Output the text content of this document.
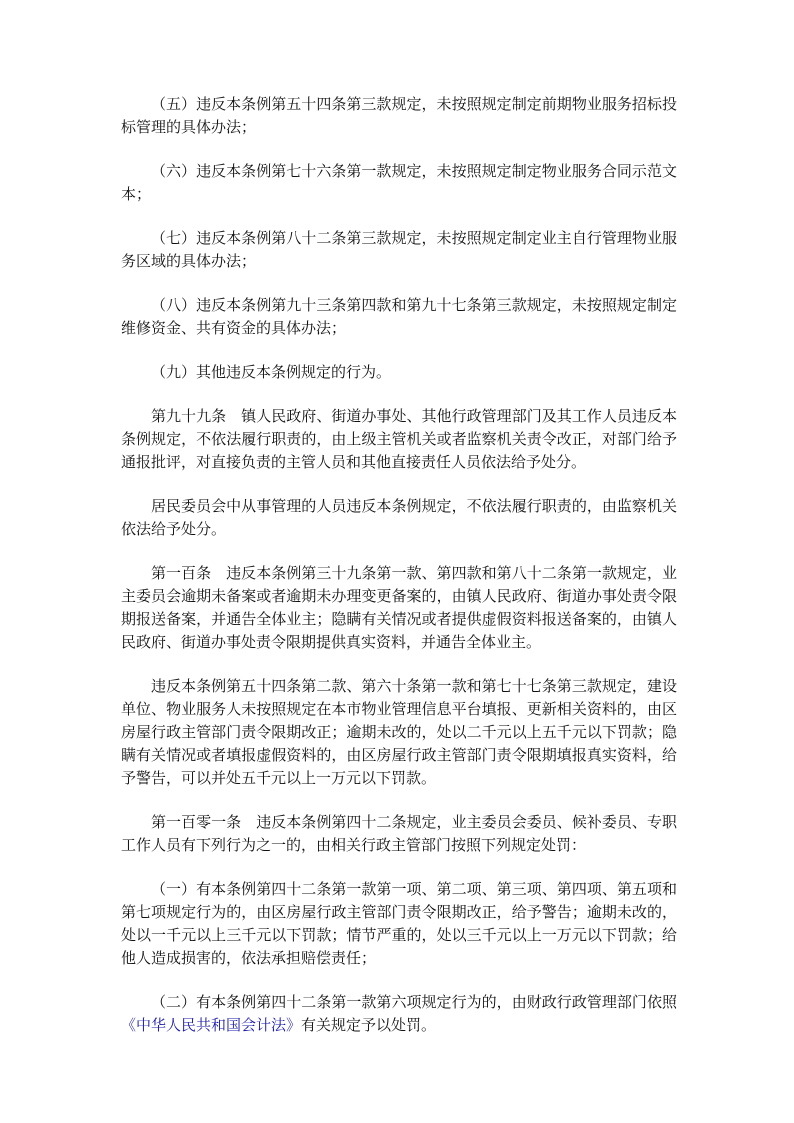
（五）违反本条例第五十四条第三款规定，未按照规定制定前期物业服务招标投标管理的具体办法；

（六）违反本条例第七十六条第一款规定，未按照规定制定物业服务合同示范文本；

（七）违反本条例第八十二条第三款规定，未按照规定制定业主自行管理物业服务区域的具体办法；

（八）违反本条例第九十三条第四款和第九十七条第三款规定，未按照规定制定维修资金、共有资金的具体办法；

（九）其他违反本条例规定的行为。

第九十九条　镇人民政府、街道办事处、其他行政管理部门及其工作人员违反本条例规定，不依法履行职责的，由上级主管机关或者监察机关责令改正，对部门给予通报批评，对直接负责的主管人员和其他直接责任人员依法给予处分。

居民委员会中从事管理的人员违反本条例规定，不依法履行职责的，由监察机关依法给予处分。

第一百条　违反本条例第三十九条第一款、第四款和第八十二条第一款规定，业主委员会逾期未备案或者逾期未办理变更备案的，由镇人民政府、街道办事处责令限期报送备案，并通告全体业主；隐瞒有关情况或者提供虚假资料报送备案的，由镇人民政府、街道办事处责令限期提供真实资料，并通告全体业主。

违反本条例第五十四条第二款、第六十条第一款和第七十七条第三款规定，建设单位、物业服务人未按照规定在本市物业管理信息平台填报、更新相关资料的，由区房屋行政主管部门责令限期改正；逾期未改的，处以二千元以上五千元以下罚款；隐瞒有关情况或者填报虚假资料的，由区房屋行政主管部门责令限期填报真实资料，给予警告，可以并处五千元以上一万元以下罚款。

第一百零一条　违反本条例第四十二条规定，业主委员会委员、候补委员、专职工作人员有下列行为之一的，由相关行政主管部门按照下列规定处罚：

（一）有本条例第四十二条第一款第一项、第二项、第三项、第四项、第五项和第七项规定行为的，由区房屋行政主管部门责令限期改正，给予警告；逾期未改的，处以一千元以上三千元以下罚款；情节严重的，处以三千元以上一万元以下罚款；给他人造成损害的，依法承担赔偿责任；

（二）有本条例第四十二条第一款第六项规定行为的，由财政行政管理部门依照《中华人民共和国会计法》有关规定予以处罚。
